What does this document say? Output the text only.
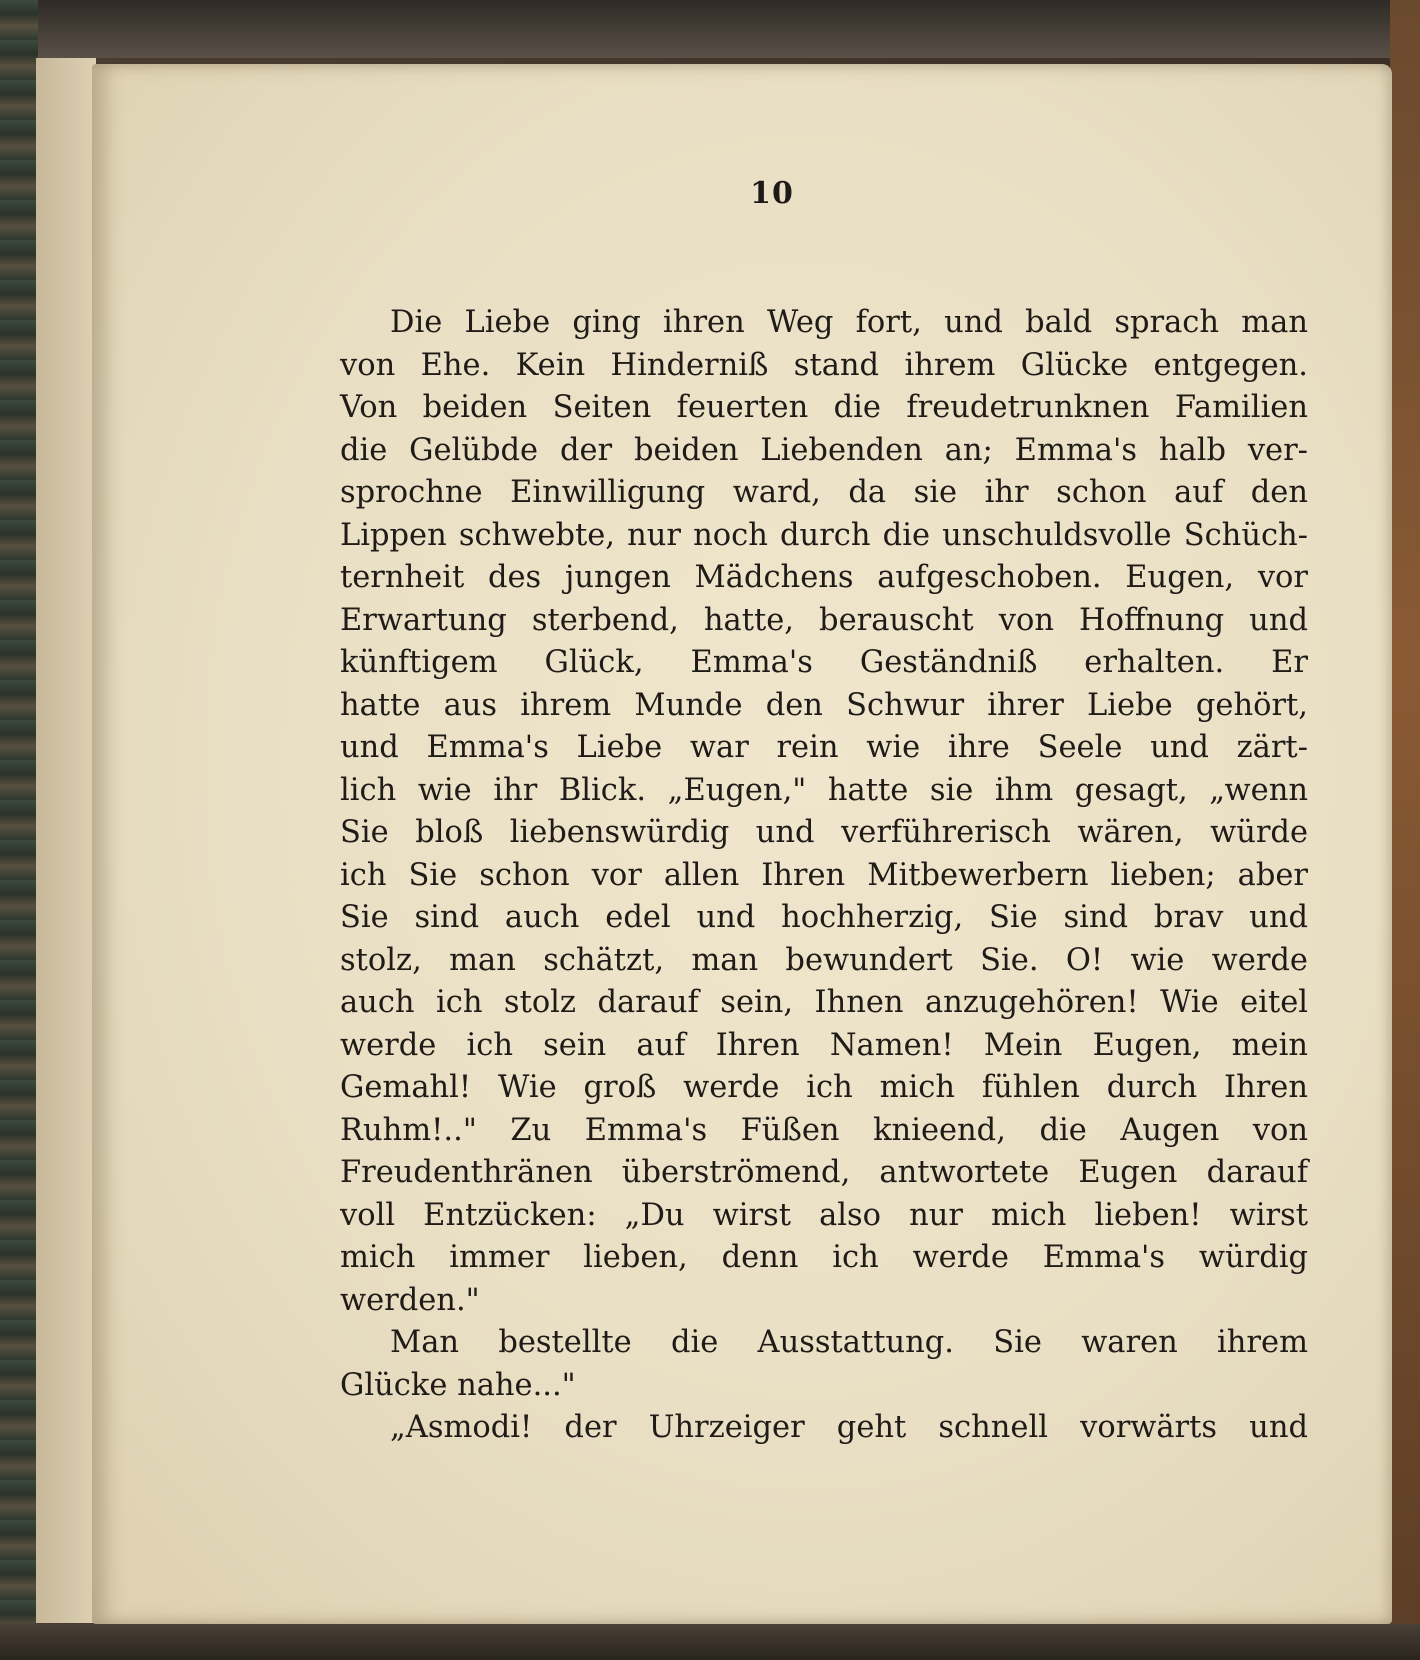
10
Die Liebe ging ihren Weg fort, und bald sprach man
von Ehe. Kein Hinderniß stand ihrem Glücke entgegen.
Von beiden Seiten feuerten die freudetrunknen Familien
die Gelübde der beiden Liebenden an; Emma's halb ver-
sprochne Einwilligung ward, da sie ihr schon auf den
Lippen schwebte, nur noch durch die unschuldsvolle Schüch-
ternheit des jungen Mädchens aufgeschoben. Eugen, vor
Erwartung sterbend, hatte, berauscht von Hoffnung und
künftigem Glück, Emma's Geständniß erhalten. Er
hatte aus ihrem Munde den Schwur ihrer Liebe gehört,
und Emma's Liebe war rein wie ihre Seele und zärt-
lich wie ihr Blick. „Eugen," hatte sie ihm gesagt, „wenn
Sie bloß liebenswürdig und verführerisch wären, würde
ich Sie schon vor allen Ihren Mitbewerbern lieben; aber
Sie sind auch edel und hochherzig, Sie sind brav und
stolz, man schätzt, man bewundert Sie. O! wie werde
auch ich stolz darauf sein, Ihnen anzugehören! Wie eitel
werde ich sein auf Ihren Namen! Mein Eugen, mein
Gemahl! Wie groß werde ich mich fühlen durch Ihren
Ruhm!.." Zu Emma's Füßen knieend, die Augen von
Freudenthränen überströmend, antwortete Eugen darauf
voll Entzücken: „Du wirst also nur mich lieben! wirst
mich immer lieben, denn ich werde Emma's würdig
werden."
Man bestellte die Ausstattung. Sie waren ihrem
Glücke nahe..."
„Asmodi! der Uhrzeiger geht schnell vorwärts und
